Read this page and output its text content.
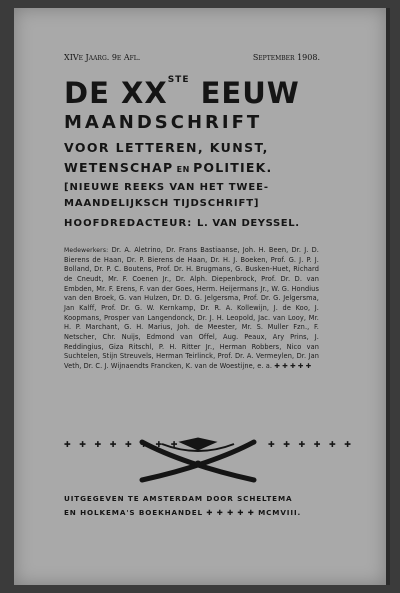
XIVe Jaarg. 9e Afl.	September 1908.
DE XXSTE EEUW
MAANDSCHRIFT
VOOR LETTEREN, KUNST,
WETENSCHAP EN POLITIEK.
[NIEUWE REEKS VAN HET TWEE-
MAANDELIJKSCH TIJDSCHRIFT]
HOOFDREDACTEUR: L. VAN DEYSSEL.
Medewerkers: Dr. A. Aletrino, Dr. Frans Bastiaanse, Joh. H. Been, Dr. J. D. Bierens de Haan, Dr. P. Bierens de Haan, Dr. H. J. Boeken, Prof. G. J. P. J. Bolland, Dr. P. C. Boutens, Prof. Dr. H. Brugmans, G. Busken-Huet, Richard de Cneudt, Mr. F. Coenen Jr., Dr. Alph. Diepenbrock, Prof. Dr. D. van Embden, Mr. F. Erens, F. van der Goes, Herm. Heijermans Jr., W. G. Hondius van den Broek, G. van Hulzen, Dr. D. G. Jelgersma, Prof. Dr. G. Jelgersma, Jan Kalff, Prof. Dr. G. W. Kernkamp, Dr. R. A. Kollewijn, J. de Koo, J. Koopmans, Prosper van Langendonck, Dr. J. H. Leopold, Jac. van Looy, Mr. H. P. Marchant, G. H. Marius, Joh. de Meester, Mr. S. Muller Fzn., F. Netscher, Chr. Nuijs, Edmond van Offel, Aug. Peaux, Ary Prins, J. Reddingius, Giza Ritschl, P. H. Ritter Jr., Herman Robbers, Nico van Suchtelen, Stijn Streuvels, Herman Teirlinck, Prof. Dr. A. Vermeylen, Dr. Jan Veth, Dr. C. J. Wijnaendts Francken, K. van de Woestijne, e. a. ✚ ✚ ✚ ✚ ✚
✚ ✚ ✚ ✚ ✚ ✚ ✚ ✚	✚ ✚ ✚ ✚ ✚ ✚
UITGEGEVEN TE AMSTERDAM DOOR SCHELTEMA
EN HOLKEMA'S BOEKHANDEL ✚ ✚ ✚ ✚ ✚ MCMVIII.
